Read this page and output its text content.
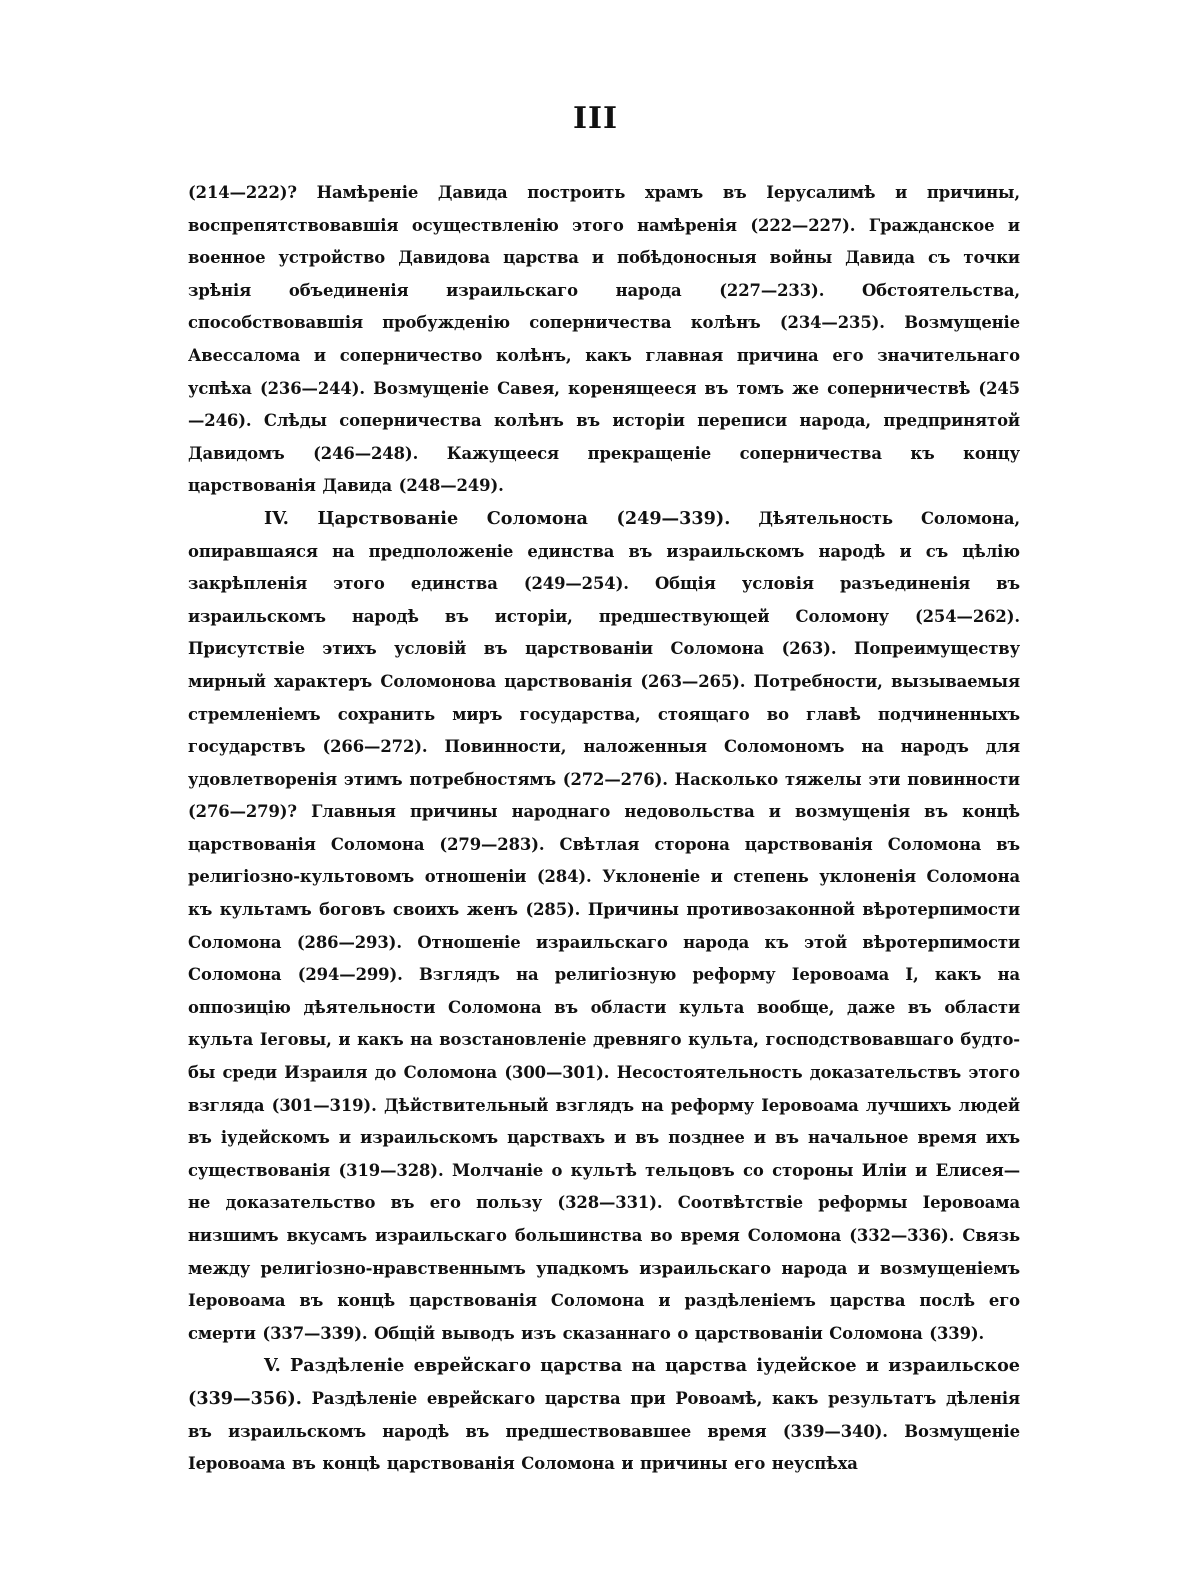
III

(214—222)? Намѣреніе Давида построить храмъ въ Іерусалимѣ и причины, воспрепятствовавшія осуществленію этого намѣренія (222—227). Гражданское и военное устройство Давидова царства и побѣдоносныя войны Давида съ точки зрѣнія объединенія израильскаго народа (227—233). Обстоятельства, способствовавшія пробужденію соперничества колѣнъ (234—235). Возмущеніе Авессалома и соперничество колѣнъ, какъ главная причина его значительнаго успѣха (236—244). Возмущеніе Савея, коренящееся въ томъ же соперничествѣ (245—246). Слѣды соперничества колѣнъ въ исторіи переписи народа, предпринятой Давидомъ (246—248). Кажущееся прекращеніе соперничества къ концу царствованія Давида (248—249).

IV. Царствованіе Соломона (249—339). Дѣятельность Соломона, опиравшаяся на предположеніе единства въ израильскомъ народѣ и съ цѣлію закрѣпленія этого единства (249—254). Общія условія разъединенія въ израильскомъ народѣ въ исторіи, предшествующей Соломону (254—262). Присутствіе этихъ условій въ царствованіи Соломона (263). Попреимуществу мирный характеръ Соломонова царствованія (263—265). Потребности, вызываемыя стремленіемъ сохранить миръ государства, стоящаго во главѣ подчиненныхъ государствъ (266—272). Повинности, наложенныя Соломономъ на народъ для удовлетворенія этимъ потребностямъ (272—276). Насколько тяжелы эти повинности (276—279)? Главныя причины народнаго недовольства и возмущенія въ концѣ царствованія Соломона (279—283). Свѣтлая сторона царствованія Соломона въ религіозно-культовомъ отношеніи (284). Уклоненіе и степень уклоненія Соломона къ культамъ боговъ своихъ женъ (285). Причины противозаконной вѣротерпимости Соломона (286—293). Отношеніе израильскаго народа къ этой вѣротерпимости Соломона (294—299). Взглядъ на религіозную реформу Іеровоама I, какъ на оппозицію дѣятельности Соломона въ области культа вообще, даже въ области культа Іеговы, и какъ на возстановленіе древняго культа, господствовавшаго будто-бы среди Израиля до Соломона (300—301). Несостоятельность доказательствъ этого взгляда (301—319). Дѣйствительный взглядъ на реформу Іеровоама лучшихъ людей въ іудейскомъ и израильскомъ царствахъ и въ позднее и въ начальное время ихъ существованія (319—328). Молчаніе о культѣ тельцовъ со стороны Иліи и Елисея—не доказательство въ его пользу (328—331). Соотвѣтствіе реформы Іеровоама низшимъ вкусамъ израильскаго большинства во время Соломона (332—336). Связь между религіозно-нравственнымъ упадкомъ израильскаго народа и возмущеніемъ Іеровоама въ концѣ царствованія Соломона и раздѣленіемъ царства послѣ его смерти (337—339). Общій выводъ изъ сказаннаго о царствованіи Соломона (339).

V. Раздѣленіе еврейскаго царства на царства іудейское и израильское (339—356). Раздѣленіе еврейскаго царства при Ровоамѣ, какъ результатъ дѣленія въ израильскомъ народѣ въ предшествовавшее время (339—340). Возмущеніе Іеровоама въ концѣ царствованія Соломона и причины его неуспѣха
